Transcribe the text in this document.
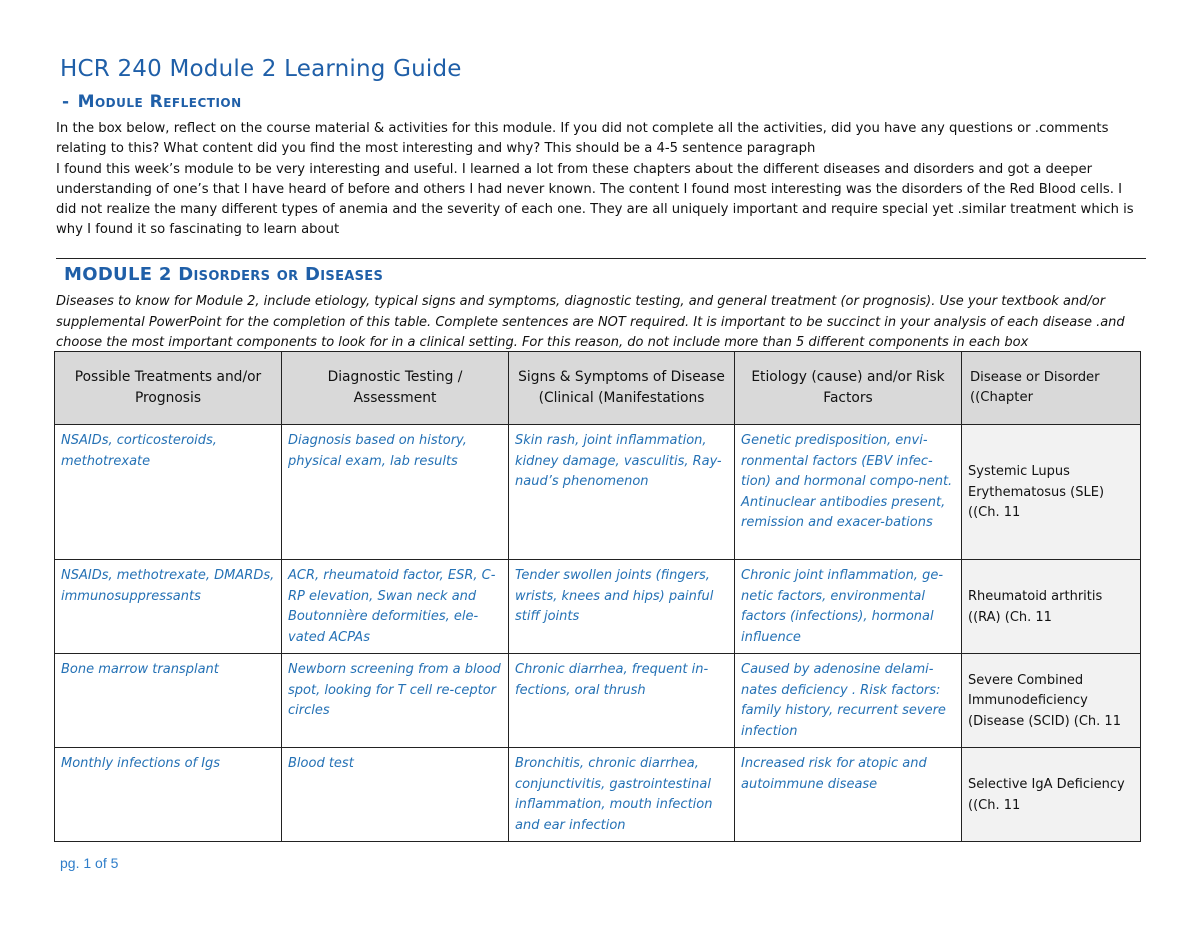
HCR 240 Module 2 Learning Guide
- Module Reflection
In the box below, reflect on the course material & activities for this module. If you did not complete all the activities, did you have any questions or .comments relating to this? What content did you find the most interesting and why? This should be a 4-5 sentence paragraph
I found this week’s module to be very interesting and useful. I learned a lot from these chapters about the different diseases and disorders and got a deeper understanding of one’s that I have heard of before and others I had never known. The content I found most interesting was the disorders of the Red Blood cells. I did not realize the many different types of anemia and the severity of each one. They are all uniquely important and require special yet .similar treatment which is why I found it so fascinating to learn about
MODULE 2 Disorders or Diseases
Diseases to know for Module 2, include etiology, typical signs and symptoms, diagnostic testing, and general treatment (or prognosis). Use your textbook and/or supplemental PowerPoint for the completion of this table. Complete sentences are NOT required. It is important to be succinct in your analysis of each disease .and choose the most important components to look for in a clinical setting. For this reason, do not include more than 5 different components in each box
Possible Treatments and/or Prognosis	Diagnostic Testing / Assessment	Signs & Symptoms of Disease (Clinical (Manifestations	Etiology (cause) and/or Risk Factors	Disease or Disorder ((Chapter
NSAIDs, corticosteroids, methotrexate	Diagnosis based on history, physical exam, lab results	Skin rash, joint inflammation, kidney damage, vasculitis, Ray-naud’s phenomenon	Genetic predisposition, envi-ronmental factors (EBV infec-tion) and hormonal compo-nent. Antinuclear antibodies present, remission and exacer-bations	Systemic Lupus Erythematosus (SLE) ((Ch. 11
NSAIDs, methotrexate, DMARDs, immunosuppressants	ACR, rheumatoid factor, ESR, C-RP elevation, Swan neck and Boutonnière deformities, ele-vated ACPAs	Tender swollen joints (fingers, wrists, knees and hips) painful stiff joints	Chronic joint inflammation, ge-netic factors, environmental factors (infections), hormonal influence	Rheumatoid arthritis ((RA) (Ch. 11
Bone marrow transplant	Newborn screening from a blood spot, looking for T cell re-ceptor circles	Chronic diarrhea, frequent in-fections, oral thrush	Caused by adenosine delami-nates deficiency . Risk factors: family history, recurrent severe infection	Severe Combined Immunodeficiency (Disease (SCID) (Ch. 11
Monthly infections of Igs	Blood test	Bronchitis, chronic diarrhea, conjunctivitis, gastrointestinal inflammation, mouth infection and ear infection	Increased risk for atopic and autoimmune disease	Selective IgA Deficiency ((Ch. 11
pg. 1 of 5
